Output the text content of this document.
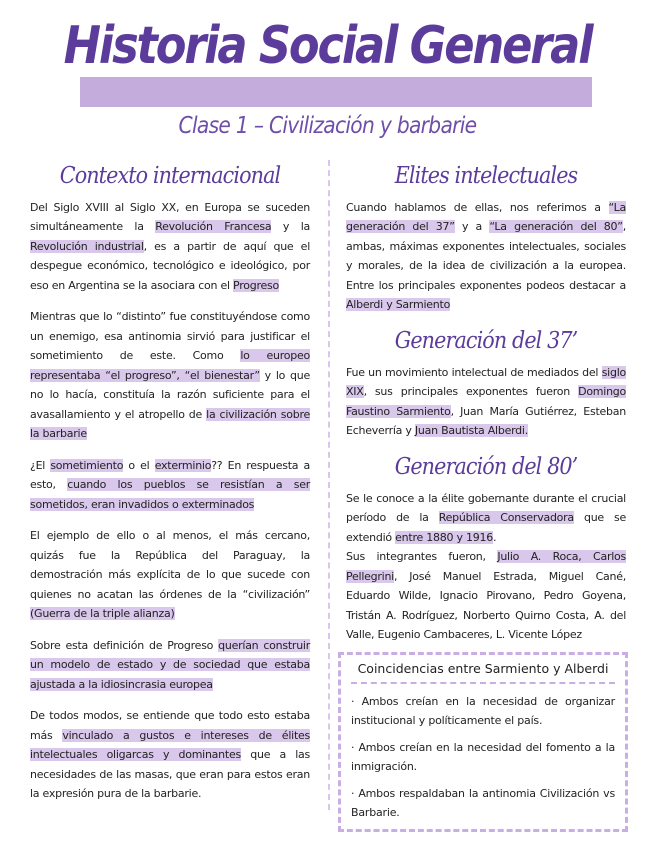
Historia Social General
Clase 1 – Civilización y barbarie
Contexto internacional

Del Siglo XVIII al Siglo XX, en Europa se suceden simultáneamente la Revolución Francesa y la Revolución industrial, es a partir de aquí que el despegue económico, tecnológico e ideológico, por eso en Argentina se la asociara con el Progreso

Mientras que lo “distinto” fue constituyéndose como un enemigo, esa antinomia sirvió para justificar el sometimiento de este. Como lo europeo representaba “el progreso”, “el bienestar” y lo que no lo hacía, constituía la razón suficiente para el avasallamiento y el atropello de la civilización sobre la barbarie

¿El sometimiento o el exterminio?? En respuesta a esto, cuando los pueblos se resistían a ser sometidos, eran invadidos o exterminados

El ejemplo de ello o al menos, el más cercano, quizás fue la República del Paraguay, la demostración más explícita de lo que sucede con quienes no acatan las órdenes de la “civilización” (Guerra de la triple alianza)

Sobre esta definición de Progreso querían construir un modelo de estado y de sociedad que estaba ajustada a la idiosincrasia europea

De todos modos, se entiende que todo esto estaba más vinculado a gustos e intereses de élites intelectuales oligarcas y dominantes que a las necesidades de las masas, que eran para estos eran la expresión pura de la barbarie.

Elites intelectuales

Cuando hablamos de ellas, nos referimos a “La generación del 37” y a “La generación del 80”, ambas, máximas exponentes intelectuales, sociales y morales, de la idea de civilización a la europea. Entre los principales exponentes podeos destacar a Alberdi y Sarmiento

Generación del 37’

Fue un movimiento intelectual de mediados del siglo XIX, sus principales exponentes fueron Domingo Faustino Sarmiento, Juan María Gutiérrez, Esteban Echeverría y Juan Bautista Alberdi.

Generación del 80’

Se le conoce a la élite gobernante durante el crucial período de la República Conservadora que se extendió entre 1880 y 1916.

Sus integrantes fueron, Julio A. Roca, Carlos Pellegrini, José Manuel Estrada, Miguel Cané, Eduardo Wilde, Ignacio Pirovano, Pedro Goyena, Tristán A. Rodríguez, Norberto Quirno Costa, A. del Valle, Eugenio Cambaceres, L. Vicente López

Coincidencias entre Sarmiento y Alberdi
· Ambos creían en la necesidad de organizar institucional y políticamente el país.
· Ambos creían en la necesidad del fomento a la inmigración.
· Ambos respaldaban la antinomia Civilización vs Barbarie.
